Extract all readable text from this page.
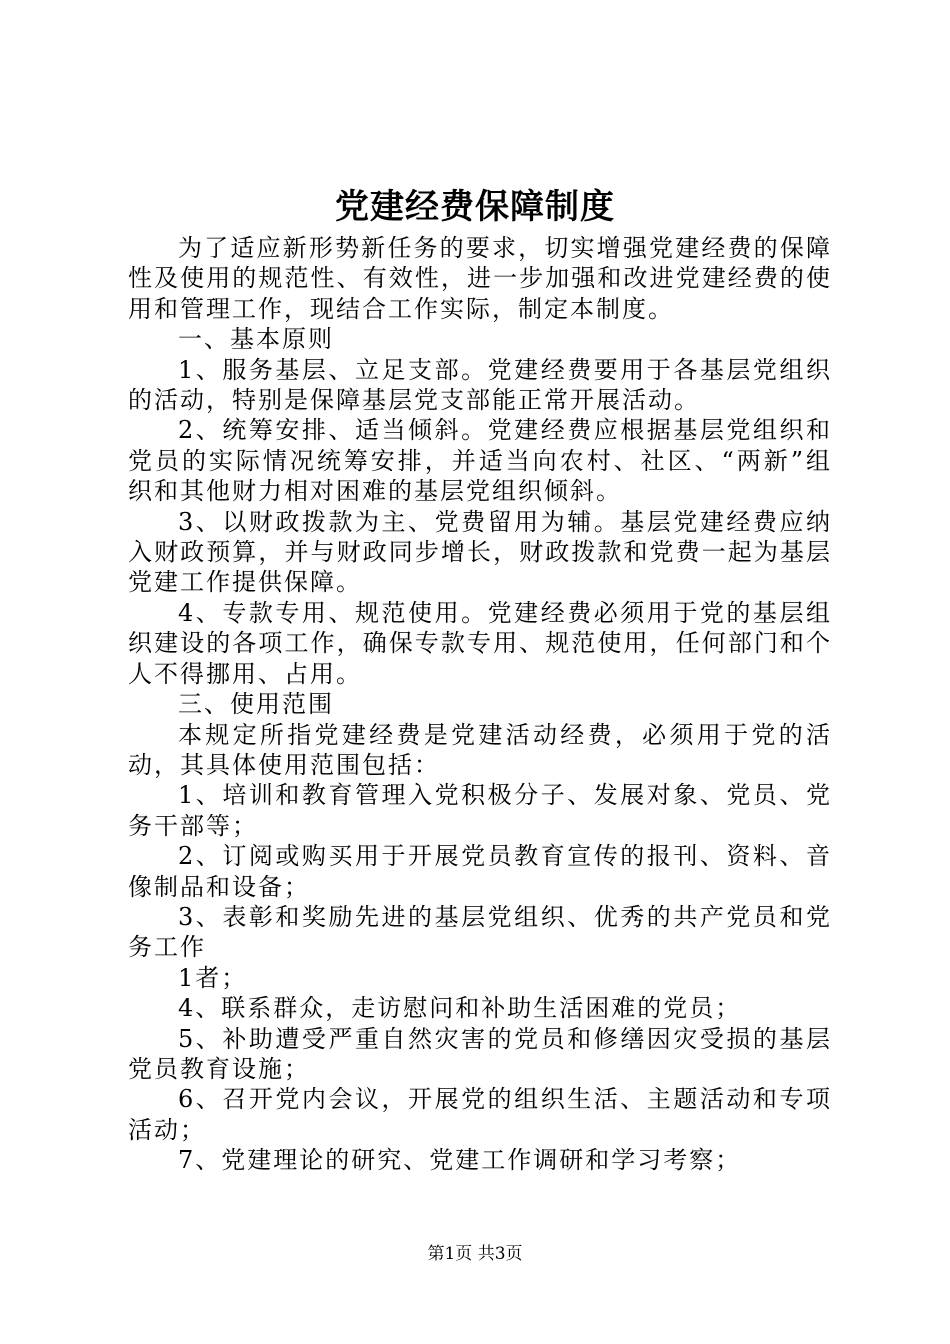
党建经费保障制度

为了适应新形势新任务的要求，切实增强党建经费的保障性及使用的规范性、有效性，进一步加强和改进党建经费的使用和管理工作，现结合工作实际，制定本制度。

一、基本原则

1、服务基层、立足支部。党建经费要用于各基层党组织的活动，特别是保障基层党支部能正常开展活动。

2、统筹安排、适当倾斜。党建经费应根据基层党组织和党员的实际情况统筹安排，并适当向农村、社区、“两新”组织和其他财力相对困难的基层党组织倾斜。

3、以财政拨款为主、党费留用为辅。基层党建经费应纳入财政预算，并与财政同步增长，财政拨款和党费一起为基层党建工作提供保障。

4、专款专用、规范使用。党建经费必须用于党的基层组织建设的各项工作，确保专款专用、规范使用，任何部门和个人不得挪用、占用。

三、使用范围

本规定所指党建经费是党建活动经费，必须用于党的活动，其具体使用范围包括：

1、培训和教育管理入党积极分子、发展对象、党员、党务干部等；

2、订阅或购买用于开展党员教育宣传的报刊、资料、音像制品和设备；

3、表彰和奖励先进的基层党组织、优秀的共产党员和党务工作

1者；

4、联系群众，走访慰问和补助生活困难的党员；

5、补助遭受严重自然灾害的党员和修缮因灾受损的基层党员教育设施；

6、召开党内会议，开展党的组织生活、主题活动和专项活动；

7、党建理论的研究、党建工作调研和学习考察；

第1页 共3页
